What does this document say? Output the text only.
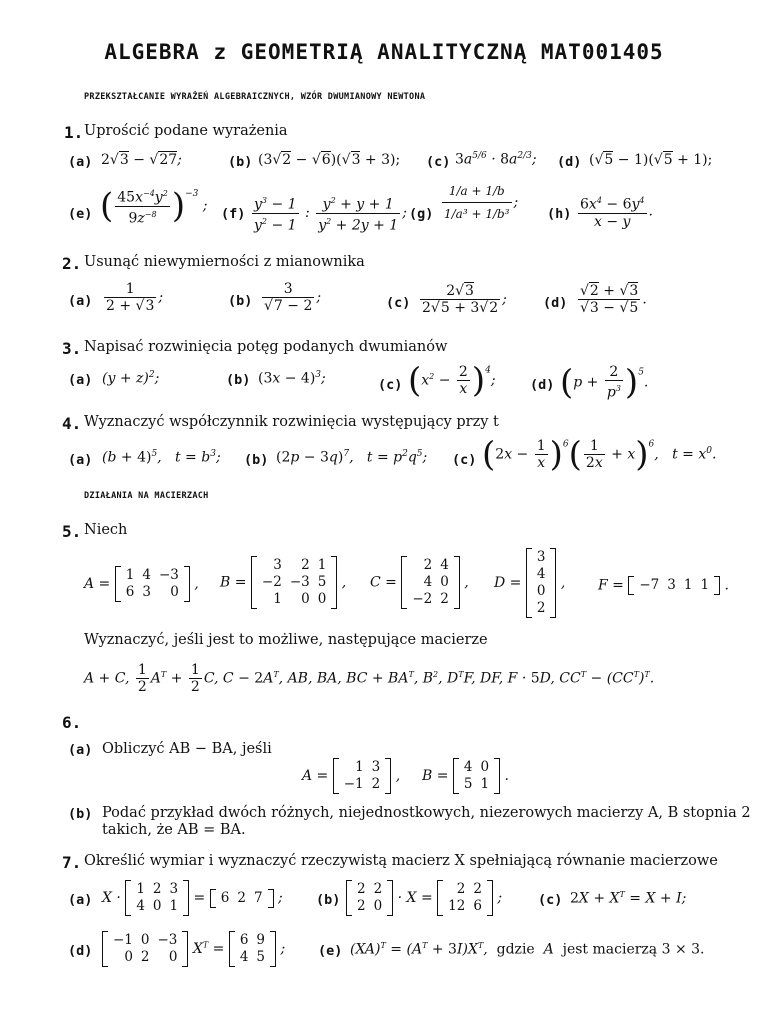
ALGEBRA z GEOMETRIĄ ANALITYCZNĄ MAT001405
PRZEKSZTAŁCANIE WYRAŻEŃ ALGEBRAICZNYCH, WZÓR DWUMIANOWY NEWTONA
1. Uprościć podane wyrażenia
(a) 2√3 − √27;	(b) (3√2 − √6)(√3 + 3); (c) $3a^{5/6} \cdot 8a^{2/3}$; (d) (√5 − 1)(√5 + 1);
(e) ( $\frac{45x^{-4}y^2}{9z^{-8}} )^{-3}$ ; $(f) \frac{y^3 - 1}{y^2 - 1}$ : $\frac{y^2 + y + 1}{y^2 + 2y + 1}$ ; $(g) \frac{1/a + 1/b}{\text{1/a³ + 1/b³}}$ ;
$(h) \frac{6x^4 - 6y^4}{x - y}$ .
2. Usunąć niewymierności z mianownika
$(a) \frac{1}{2 + √3}$ ;	$(b) \frac{3}{√7 - 2}$ ;	$(c) \frac{2√3}{2√5 + 3√2}$ ;	$(d) \frac{√2 + √3}{√3 - √5}$ .
3. Napisać rozwinięcia potęg podanych dwumianów
(a) $(y + z)^2$;	(b) $(3x - 4)^3$;	(c) $(x^2 - \frac{2}{x} )^4$;	(d) $(p + \frac{2}{p^3} )^5$.
4. Wyznaczyć współczynnik rozwinięcia występujący przy t
(a) $(b + 4)^5$,   $t = b^3$; (b) $(2p - 3q)^7$,   $t = p^2q^5$; (c) $(2x - \frac{1}{x} )^6( \frac{1}{2x} + x)^6$,   $t = x^0$.
DZIAŁANIA NA MACIERZACH
5. Niech
A =
1	4	−3
6	3	0 , B =
3	2	1
−2	−3	5
1	0	0
, C =
2	4
4	0
−2	2
, D =
3
4
0
2
, F = −7	3	1	1 .
Wyznaczyć, jeśli jest to możliwe, następujące macierze
A + C, $\frac{1}{2} A^T + \frac{1}{2} C$, $C - 2A^T$, AB, BA, BC + $BA^T$, $B^2$, $D^TF$, DF, F · 5D, $CC^T - (CC^T)^T$.
6.
(a) Obliczyć AB − BA, jeśli
A =
1	3
−1	2 , B =
4	0
5	1 .
(b) Podać przykład dwóch różnych, niejednostkowych, niezerowych macierzy A, B stopnia 2
takich, że AB = BA.
7. Określić wymiar i wyznaczyć rzeczywistą macierz X spełniającą równanie macierzowe
(a) X ·
1	2	3
4	0	1 = 6	2	7 ; (b)
2	2
2	0 · X =
2	2
12	6 ;	(c) $2X + X^T = X + I$;
(d)
−1	0	−3
0	2	0 $X^T$ =
6	9
4	5 ; (e) $(XA)^T = (A^T + 3I)X^T$,  gdzie  A  jest macierzą 3 × 3.
